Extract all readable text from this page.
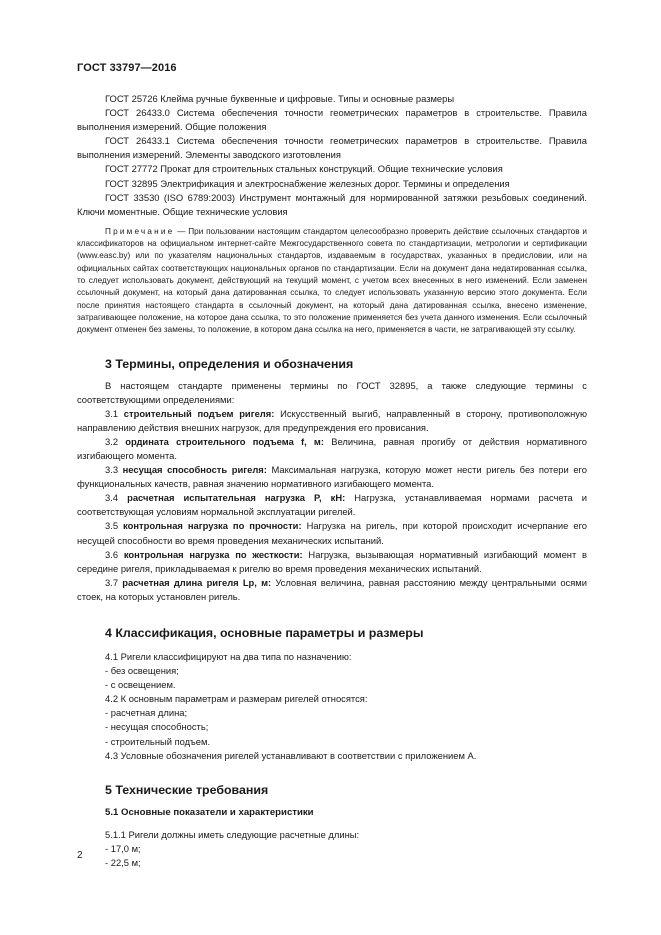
ГОСТ 33797—2016

ГОСТ 25726 Клейма ручные буквенные и цифровые. Типы и основные размеры

ГОСТ 26433.0 Система обеспечения точности геометрических параметров в строительстве. Правила выполнения измерений. Общие положения

ГОСТ 26433.1 Система обеспечения точности геометрических параметров в строительстве. Правила выполнения измерений. Элементы заводского изготовления

ГОСТ 27772 Прокат для строительных стальных конструкций. Общие технические условия

ГОСТ 32895 Электрификация и электроснабжение железных дорог. Термины и определения

ГОСТ 33530 (ISO 6789:2003) Инструмент монтажный для нормированной затяжки резьбовых соединений. Ключи моментные. Общие технические условия

Примечание — При пользовании настоящим стандартом целесообразно проверить действие ссылочных стандартов и классификаторов на официальном интернет-сайте Межгосударственного совета по стандартизации, метрологии и сертификации (www.easc.by) или по указателям национальных стандартов, издаваемым в государствах, указанных в предисловии, или на официальных сайтах соответствующих национальных органов по стандартизации. Если на документ дана недатированная ссылка, то следует использовать документ, действующий на текущий момент, с учетом всех внесенных в него изменений. Если заменен ссылочный документ, на который дана датированная ссылка, то следует использовать указанную версию этого документа. Если после принятия настоящего стандарта в ссылочный документ, на который дана датированная ссылка, внесено изменение, затрагивающее положение, на которое дана ссылка, то это положение применяется без учета данного изменения. Если ссылочный документ отменен без замены, то положение, в котором дана ссылка на него, применяется в части, не затрагивающей эту ссылку.

3 Термины, определения и обозначения

В настоящем стандарте применены термины по ГОСТ 32895, а также следующие термины с соответствующими определениями:

3.1 строительный подъем ригеля: Искусственный выгиб, направленный в сторону, противоположную направлению действия внешних нагрузок, для предупреждения его провисания.

3.2 ордината строительного подъема f, м: Величина, равная прогибу от действия нормативного изгибающего момента.

3.3 несущая способность ригеля: Максимальная нагрузка, которую может нести ригель без потери его функциональных качеств, равная значению нормативного изгибающего момента.

3.4 расчетная испытательная нагрузка P, кН: Нагрузка, устанавливаемая нормами расчета и соответствующая условиям нормальной эксплуатации ригелей.

3.5 контрольная нагрузка по прочности: Нагрузка на ригель, при которой происходит исчерпание его несущей способности во время проведения механических испытаний.

3.6 контрольная нагрузка по жесткости: Нагрузка, вызывающая нормативный изгибающий момент в середине ригеля, прикладываемая к ригелю во время проведения механических испытаний.

3.7 расчетная длина ригеля Lp, м: Условная величина, равная расстоянию между центральными осями стоек, на которых установлен ригель.

4 Классификация, основные параметры и размеры

4.1 Ригели классифицируют на два типа по назначению:

- без освещения;

- с освещением.

4.2 К основным параметрам и размерам ригелей относятся:

- расчетная длина;

- несущая способность;

- строительный подъем.

4.3 Условные обозначения ригелей устанавливают в соответствии с приложением А.

5 Технические требования
5.1 Основные показатели и характеристики

5.1.1 Ригели должны иметь следующие расчетные длины:

- 17,0 м;

- 22,5 м;

2
